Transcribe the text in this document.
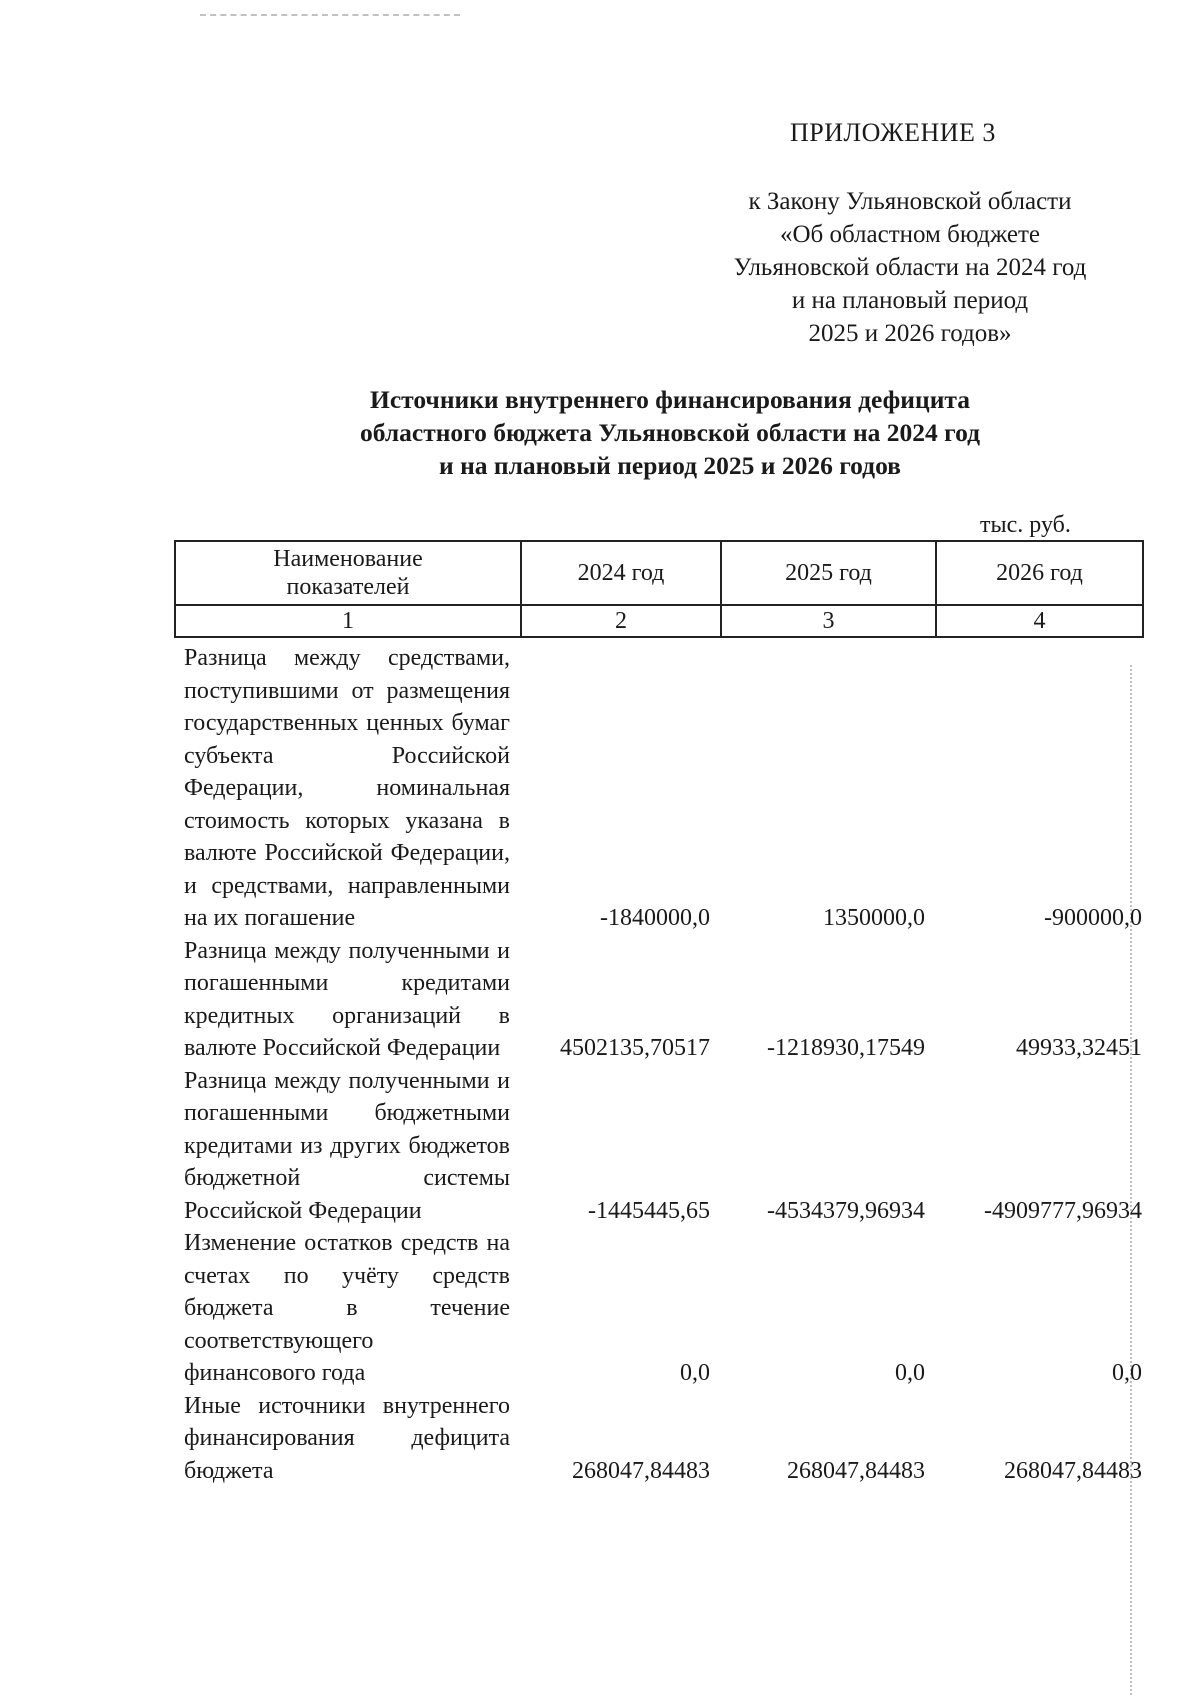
ПРИЛОЖЕНИЕ 3
к Закону Ульяновской области
«Об областном бюджете
Ульяновской области на 2024 год
и на плановый период
2025 и 2026 годов»
Источники внутреннего финансирования дефицита
областного бюджета Ульяновской области на 2024 год
и на плановый период 2025 и 2026 годов
тыс. руб.
Наименование показателей	2024 год	2025 год	2026 год
1	2	3	4
Разница между средствами, поступившими от размещения государственных ценных бумаг субъекта Российской Федерации, номинальная стоимость которых указана в валюте Российской Федерации, и средствами, направленными на их погашение	-1840000,0	1350000,0	-900000,0
Разница между полученными и погашенными кредитами кредитных организаций в валюте Российской Федерации	4502135,70517	-1218930,17549	49933,32451
Разница между полученными и погашенными бюджетными кредитами из других бюджетов бюджетной системы Российской Федерации	-1445445,65	-4534379,96934	-4909777,96934
Изменение остатков средств на счетах по учёту средств бюджета в течение соответствующего финансового года	0,0	0,0	0,0
Иные источники внутреннего финансирования дефицита бюджета	268047,84483	268047,84483	268047,84483
